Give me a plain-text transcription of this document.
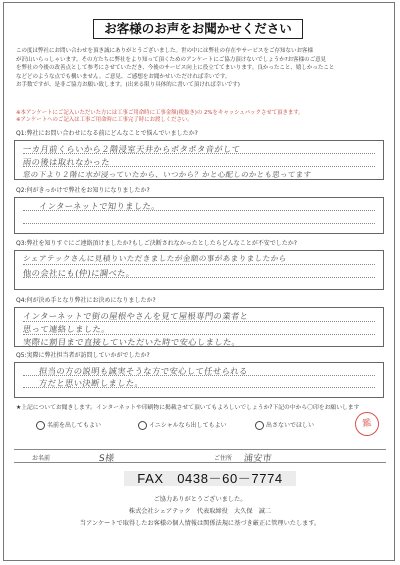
お客様のお声をお聞かせください
この度は弊社にお問い合わせを頂き誠にありがとうございました。世の中には弊社の存在やサービスをご存知ないお客様
が沢山いらっしゃいます。その方たちに弊社をより知って頂くためのアンケートにご協力頂けないでしょうか?お客様のご意見
を弊社の今後の改善点として参考にさせていただき、今後のサービス向上に役立ててまいります。良かったこと、嬉しかったこと
などどのような点でも構いません。ご意見、ご感想をお聞かせいただければ幸いです。
お手数ですが、是非ご協力お願い致します。(出来る限り具体的に書いて頂ければ幸いです)
※本アンケートにご記入いただいた方には工事ご用命時に工事金額(税抜き)の 2%をキャッシュバックさせて頂きます。
※アンケートへのご記入は工事ご用命時に工事完了時にお渡しください。
Q1:弊社にお問い合わせになる前にどんなことで悩んでいましたか?
一カ月前くらいから２階浸室天井からポタポタ音がして
雨の後は取れなかった
窓の下より２階に水が浸っていたから、いつから？かと心配しのかとも思ってます
Q2:何がきっかけで弊社をお知りになりましたか?
インターネットで知りました。
Q3:弊社を知りすぐにご連絡頂けましたか?もしご決断されなかったとしたらどんなことが不安でしたか?
シェアテックさんに見積りいただきましたが金額の事があまりましたから
他の会社にも(仲)に調べた。
Q4:何が決め手となり弊社にお決めになりましたか?
インターネットで街の屋根やさんを見て屋根専門の業者と
思って連絡しました。
実際に割目まで直接していただいた時で安心しました。
Q5:実際に弊社担当者が訪問していかがでしたか?
担当の方の説明も誠実そうな方で安心して任せられる
方だと思い決断しました。
★上記についてお聞きします。インターネットや印刷物に掲載させて頂いてもよろしいでしょうか?下記の中から〇印をお願いします
名前を出してもよい	イニシャルなら出してもよい	出さないでほしい	鑑
お名前	S様	ご住所 浦安市
FAX　0438－60－7774
ご協力ありがとうございました。
株式会社シェアテック　代表取締役　大久保　誠二
当アンケートで取得したお客様の個人情報は関係法規に基づき厳正に管理いたします。
